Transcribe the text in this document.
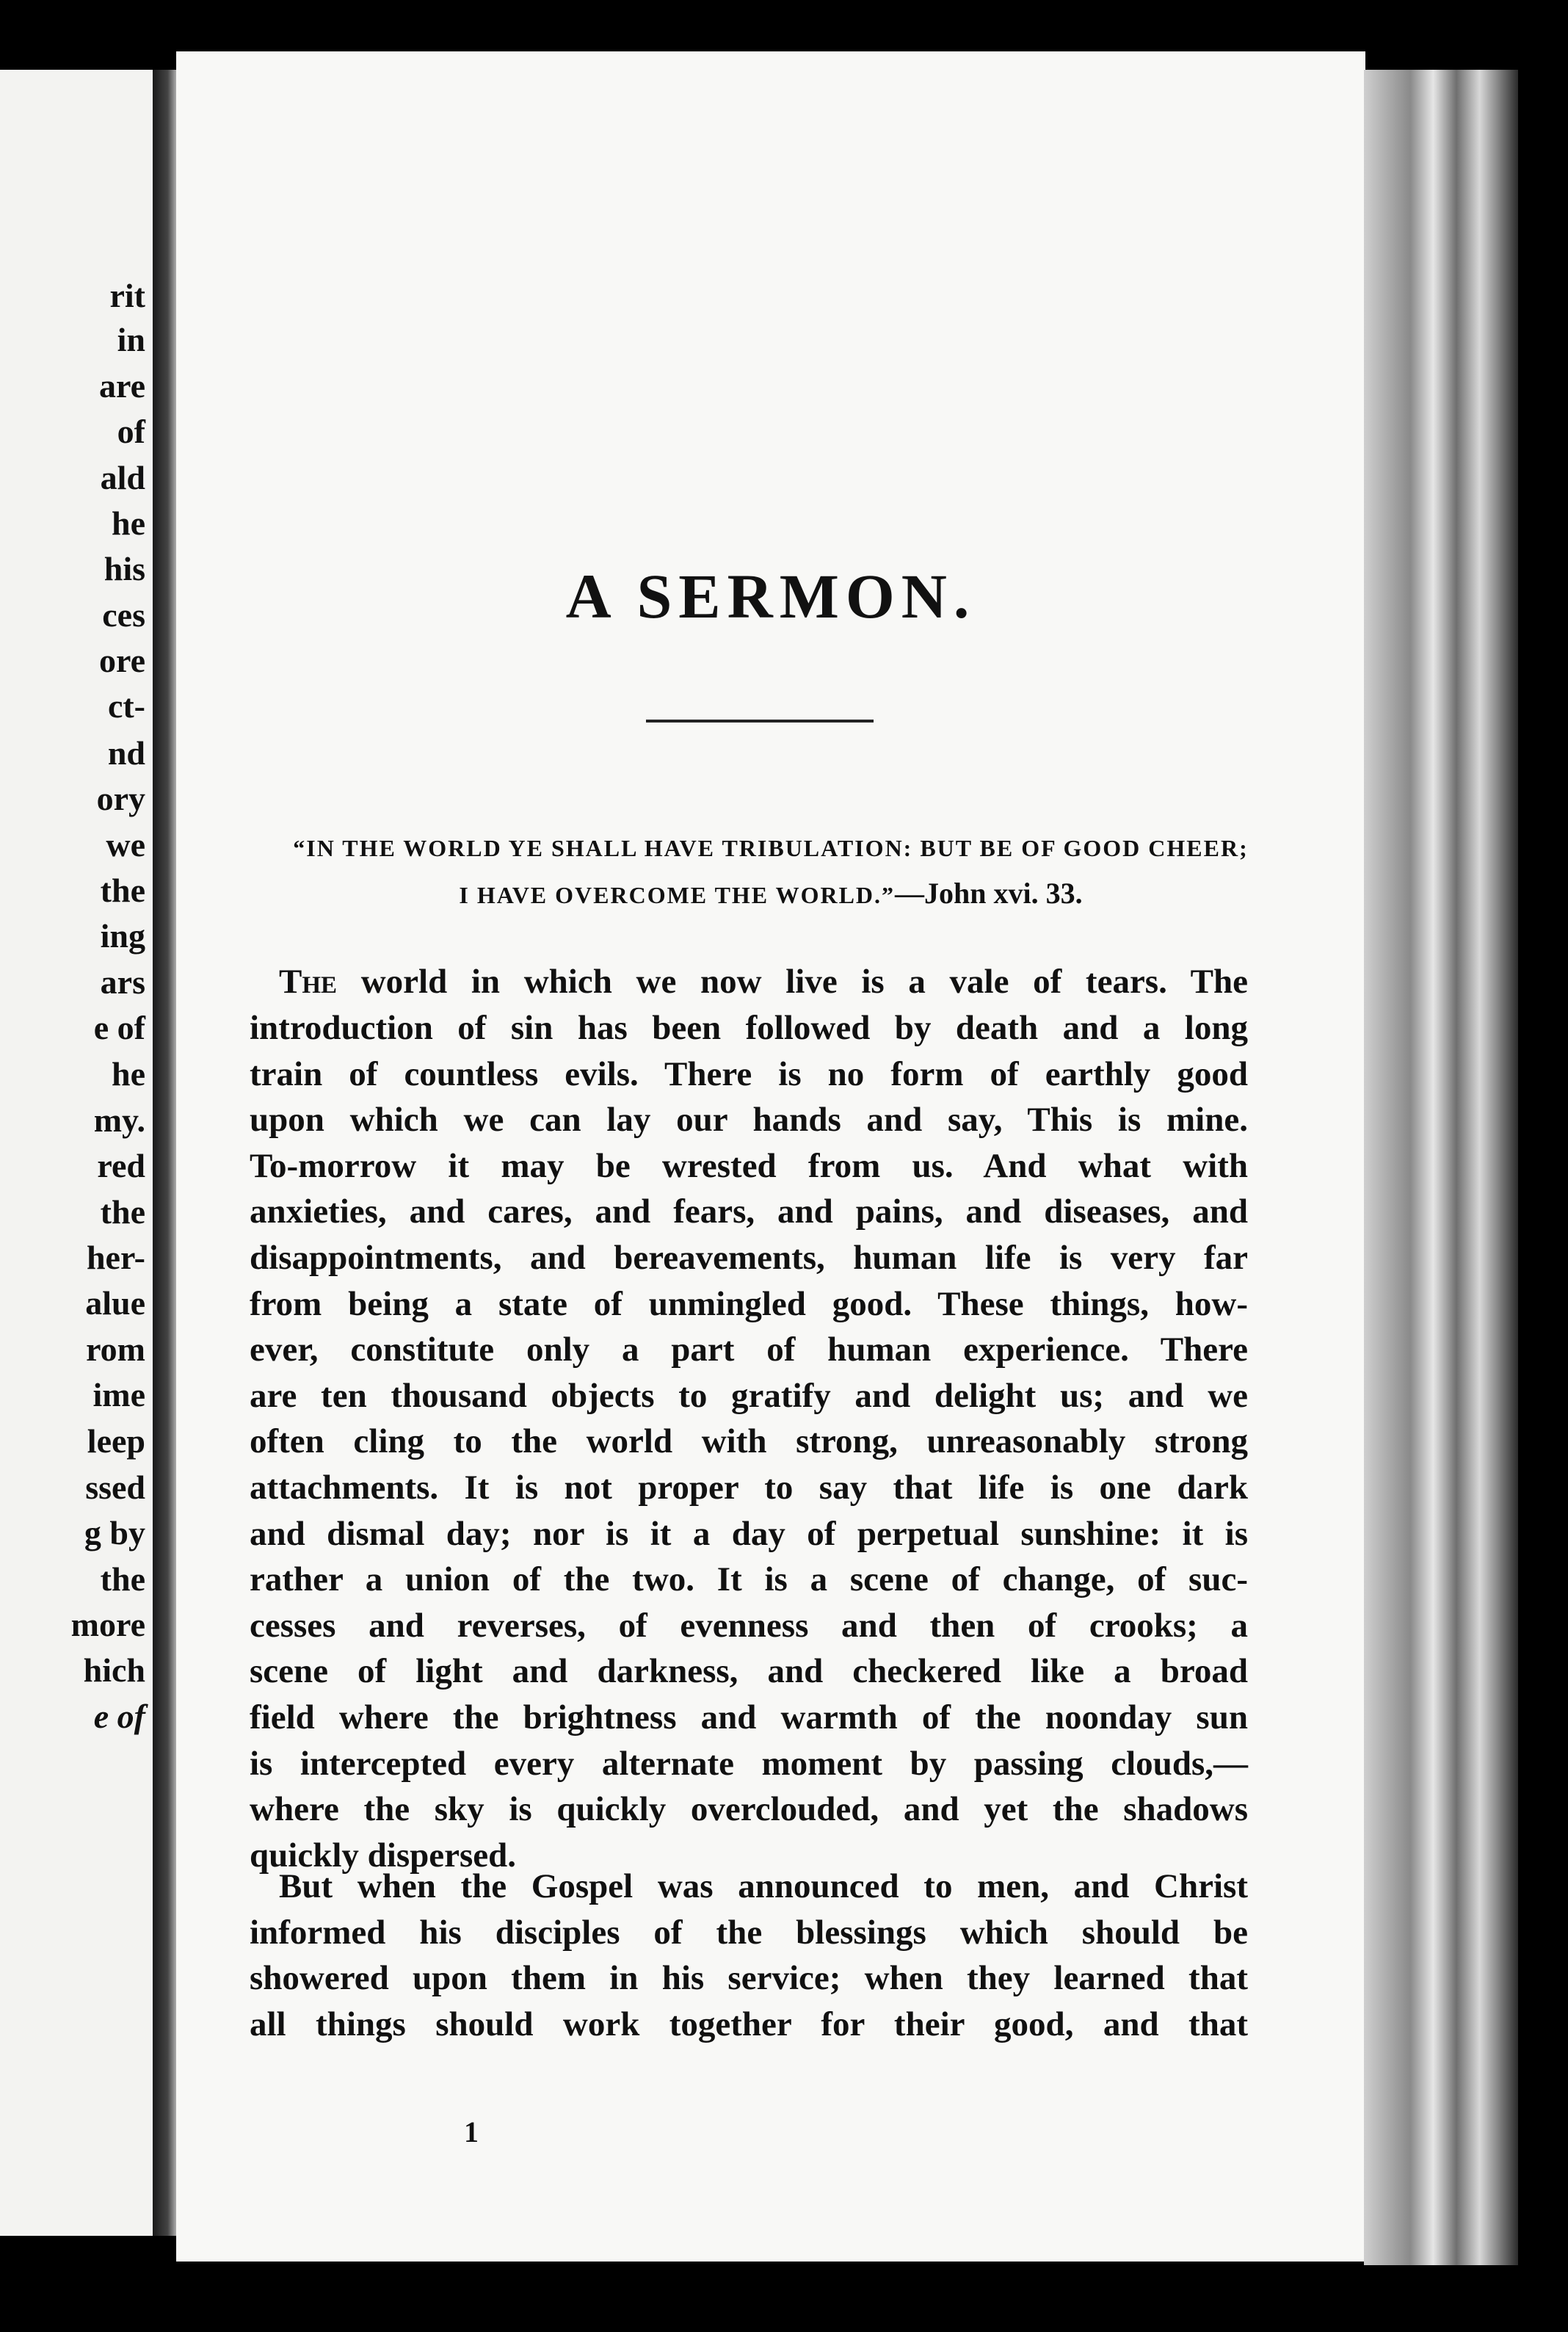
rit
in
are
of
ald
he
his
ces
ore
ct-
nd
ory
we
the
ing
ars
e of
he
my.
red
the
her-
alue
rom
ime
leep
ssed
g by
the
more
hich
e of
A SERMON.
“IN THE WORLD YE SHALL HAVE TRIBULATION: BUT BE OF GOOD CHEER;
I HAVE OVERCOME THE WORLD.”—John xvi. 33.
The world in which we now live is a vale of tears. The
introduction of sin has been followed by death and a long
train of countless evils. There is no form of earthly good
upon which we can lay our hands and say, This is mine.
To-morrow it may be wrested from us. And what with
anxieties, and cares, and fears, and pains, and diseases, and
disappointments, and bereavements, human life is very far
from being a state of unmingled good. These things, how-
ever, constitute only a part of human experience. There
are ten thousand objects to gratify and delight us; and we
often cling to the world with strong, unreasonably strong
attachments. It is not proper to say that life is one dark
and dismal day; nor is it a day of perpetual sunshine: it is
rather a union of the two. It is a scene of change, of suc-
cesses and reverses, of evenness and then of crooks; a
scene of light and darkness, and checkered like a broad
field where the brightness and warmth of the noonday sun
is intercepted every alternate moment by passing clouds,—
where the sky is quickly overclouded, and yet the shadows
quickly dispersed.
But when the Gospel was announced to men, and Christ
informed his disciples of the blessings which should be
showered upon them in his service; when they learned that
all things should work together for their good, and that
1
